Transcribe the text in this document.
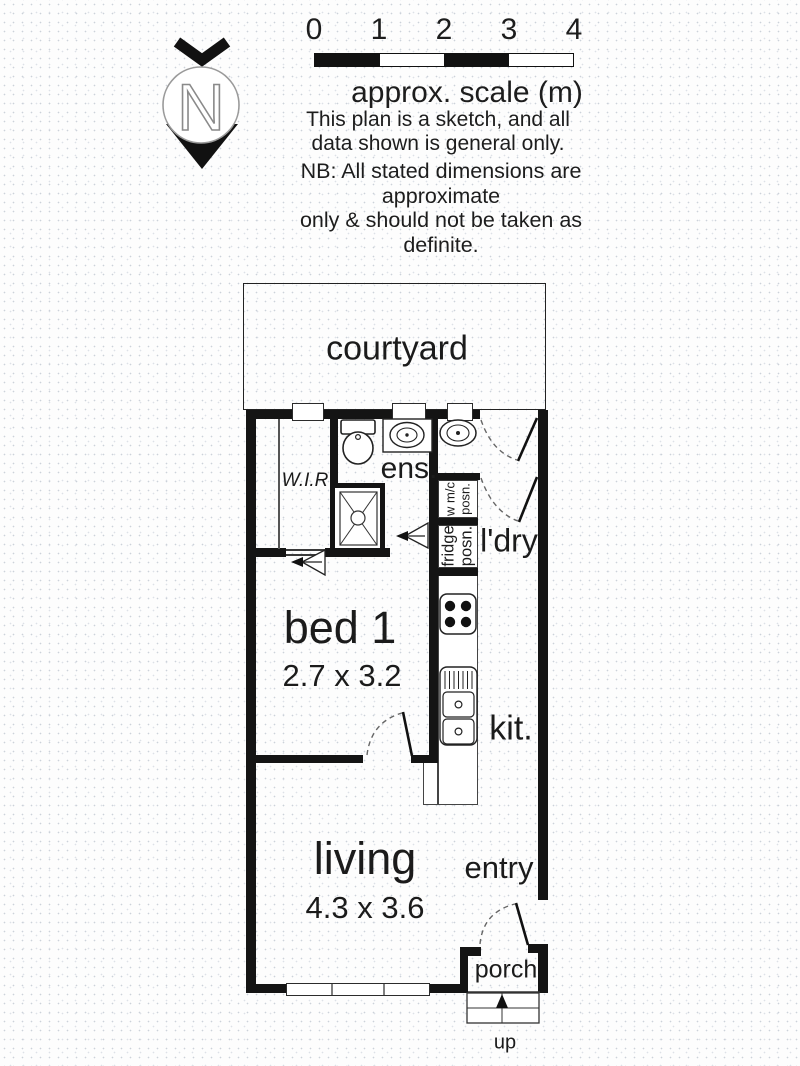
0 1 2 3 4
approx. scale (m)
This plan is a sketch, and all
data shown is general only.
NB: All stated dimensions are approximate
only & should not be taken as definite.
courtyard
N
W.I.R ens.
l'dry
bed 1
2.7 x 3.2
kit.
living
4.3 x 3.6
entry
porch
up
w m/c posn.
fridge posn.
